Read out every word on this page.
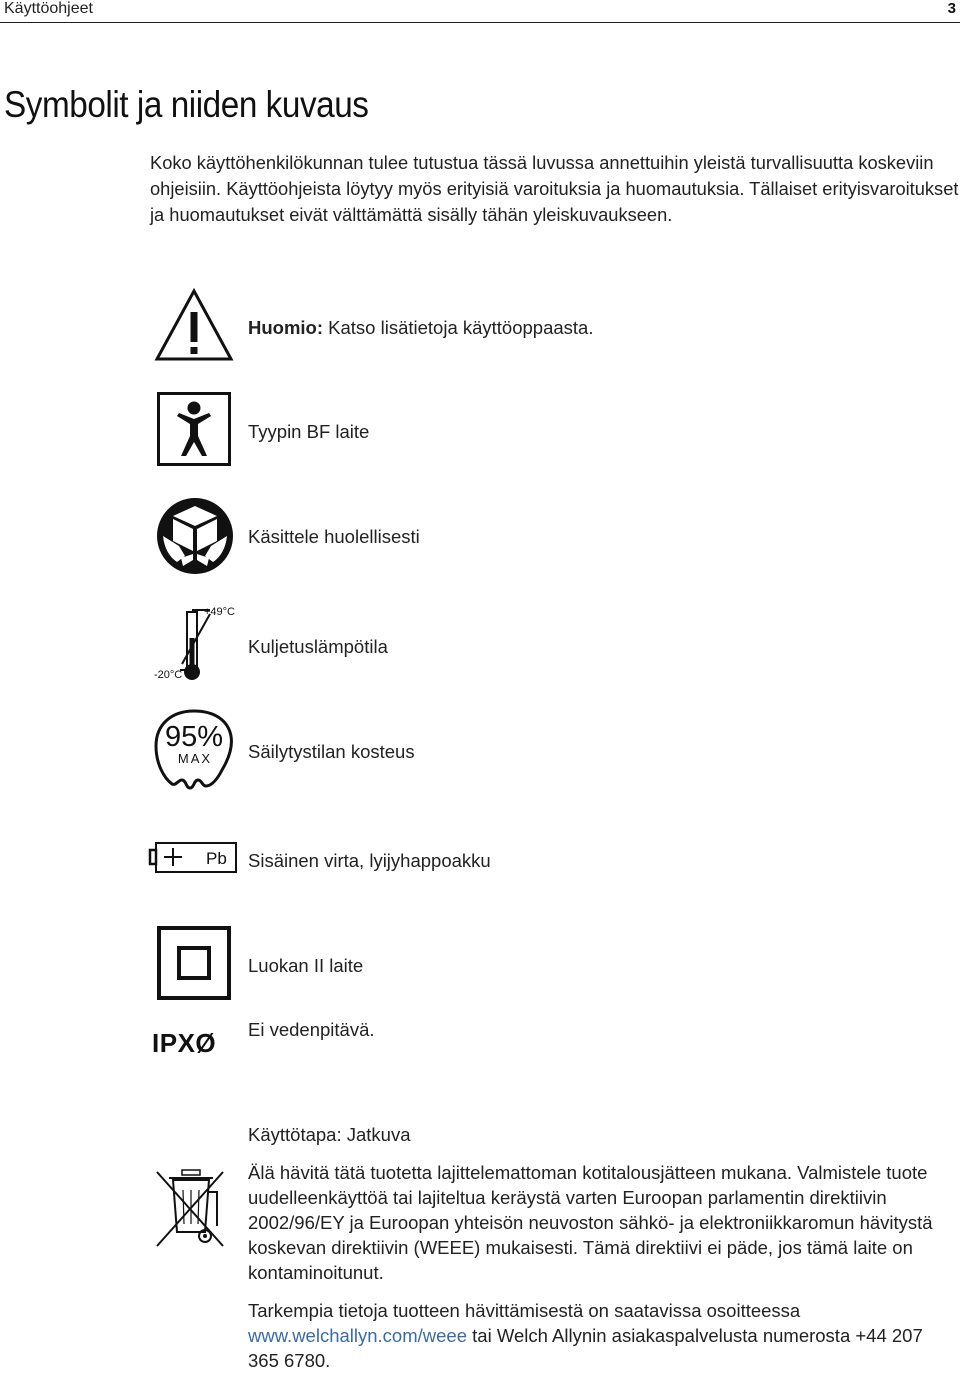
Käyttöohjeet	3
Symbolit ja niiden kuvaus

Koko käyttöhenkilökunnan tulee tutustua tässä luvussa annettuihin yleistä turvallisuutta koskeviin ohjeisiin. Käyttöohjeista löytyy myös erityisiä varoituksia ja huomautuksia. Tällaiset erityisvaroitukset ja huomautukset eivät välttämättä sisälly tähän yleiskuvaukseen.

Huomio: Katso lisätietoja käyttöoppaasta.
Tyypin BF laite
Käsittele huolellisesti
+49°C
-20°C
Kuljetuslämpötila
95%
MAX Säilytystilan kosteus
Pb Sisäinen virta, lyijyhappoakku
Luokan II laite
IPXØ Ei vedenpitävä.
Käyttötapa: Jatkuva

Älä hävitä tätä tuotetta lajittelemattoman kotitalousjätteen mukana. Valmistele tuote uudelleenkäyttöä tai lajiteltua keräystä varten Euroopan parlamentin direktiivin 2002/96/EY ja Euroopan yhteisön neuvoston sähkö- ja elektroniikkaromun hävitystä koskevan direktiivin (WEEE) mukaisesti. Tämä direktiivi ei päde, jos tämä laite on kontaminoitunut.

Tarkempia tietoja tuotteen hävittämisestä on saatavissa osoitteessa www.welchallyn.com/weee tai Welch Allynin asiakaspalvelusta numerosta +44 207 365 6780.
